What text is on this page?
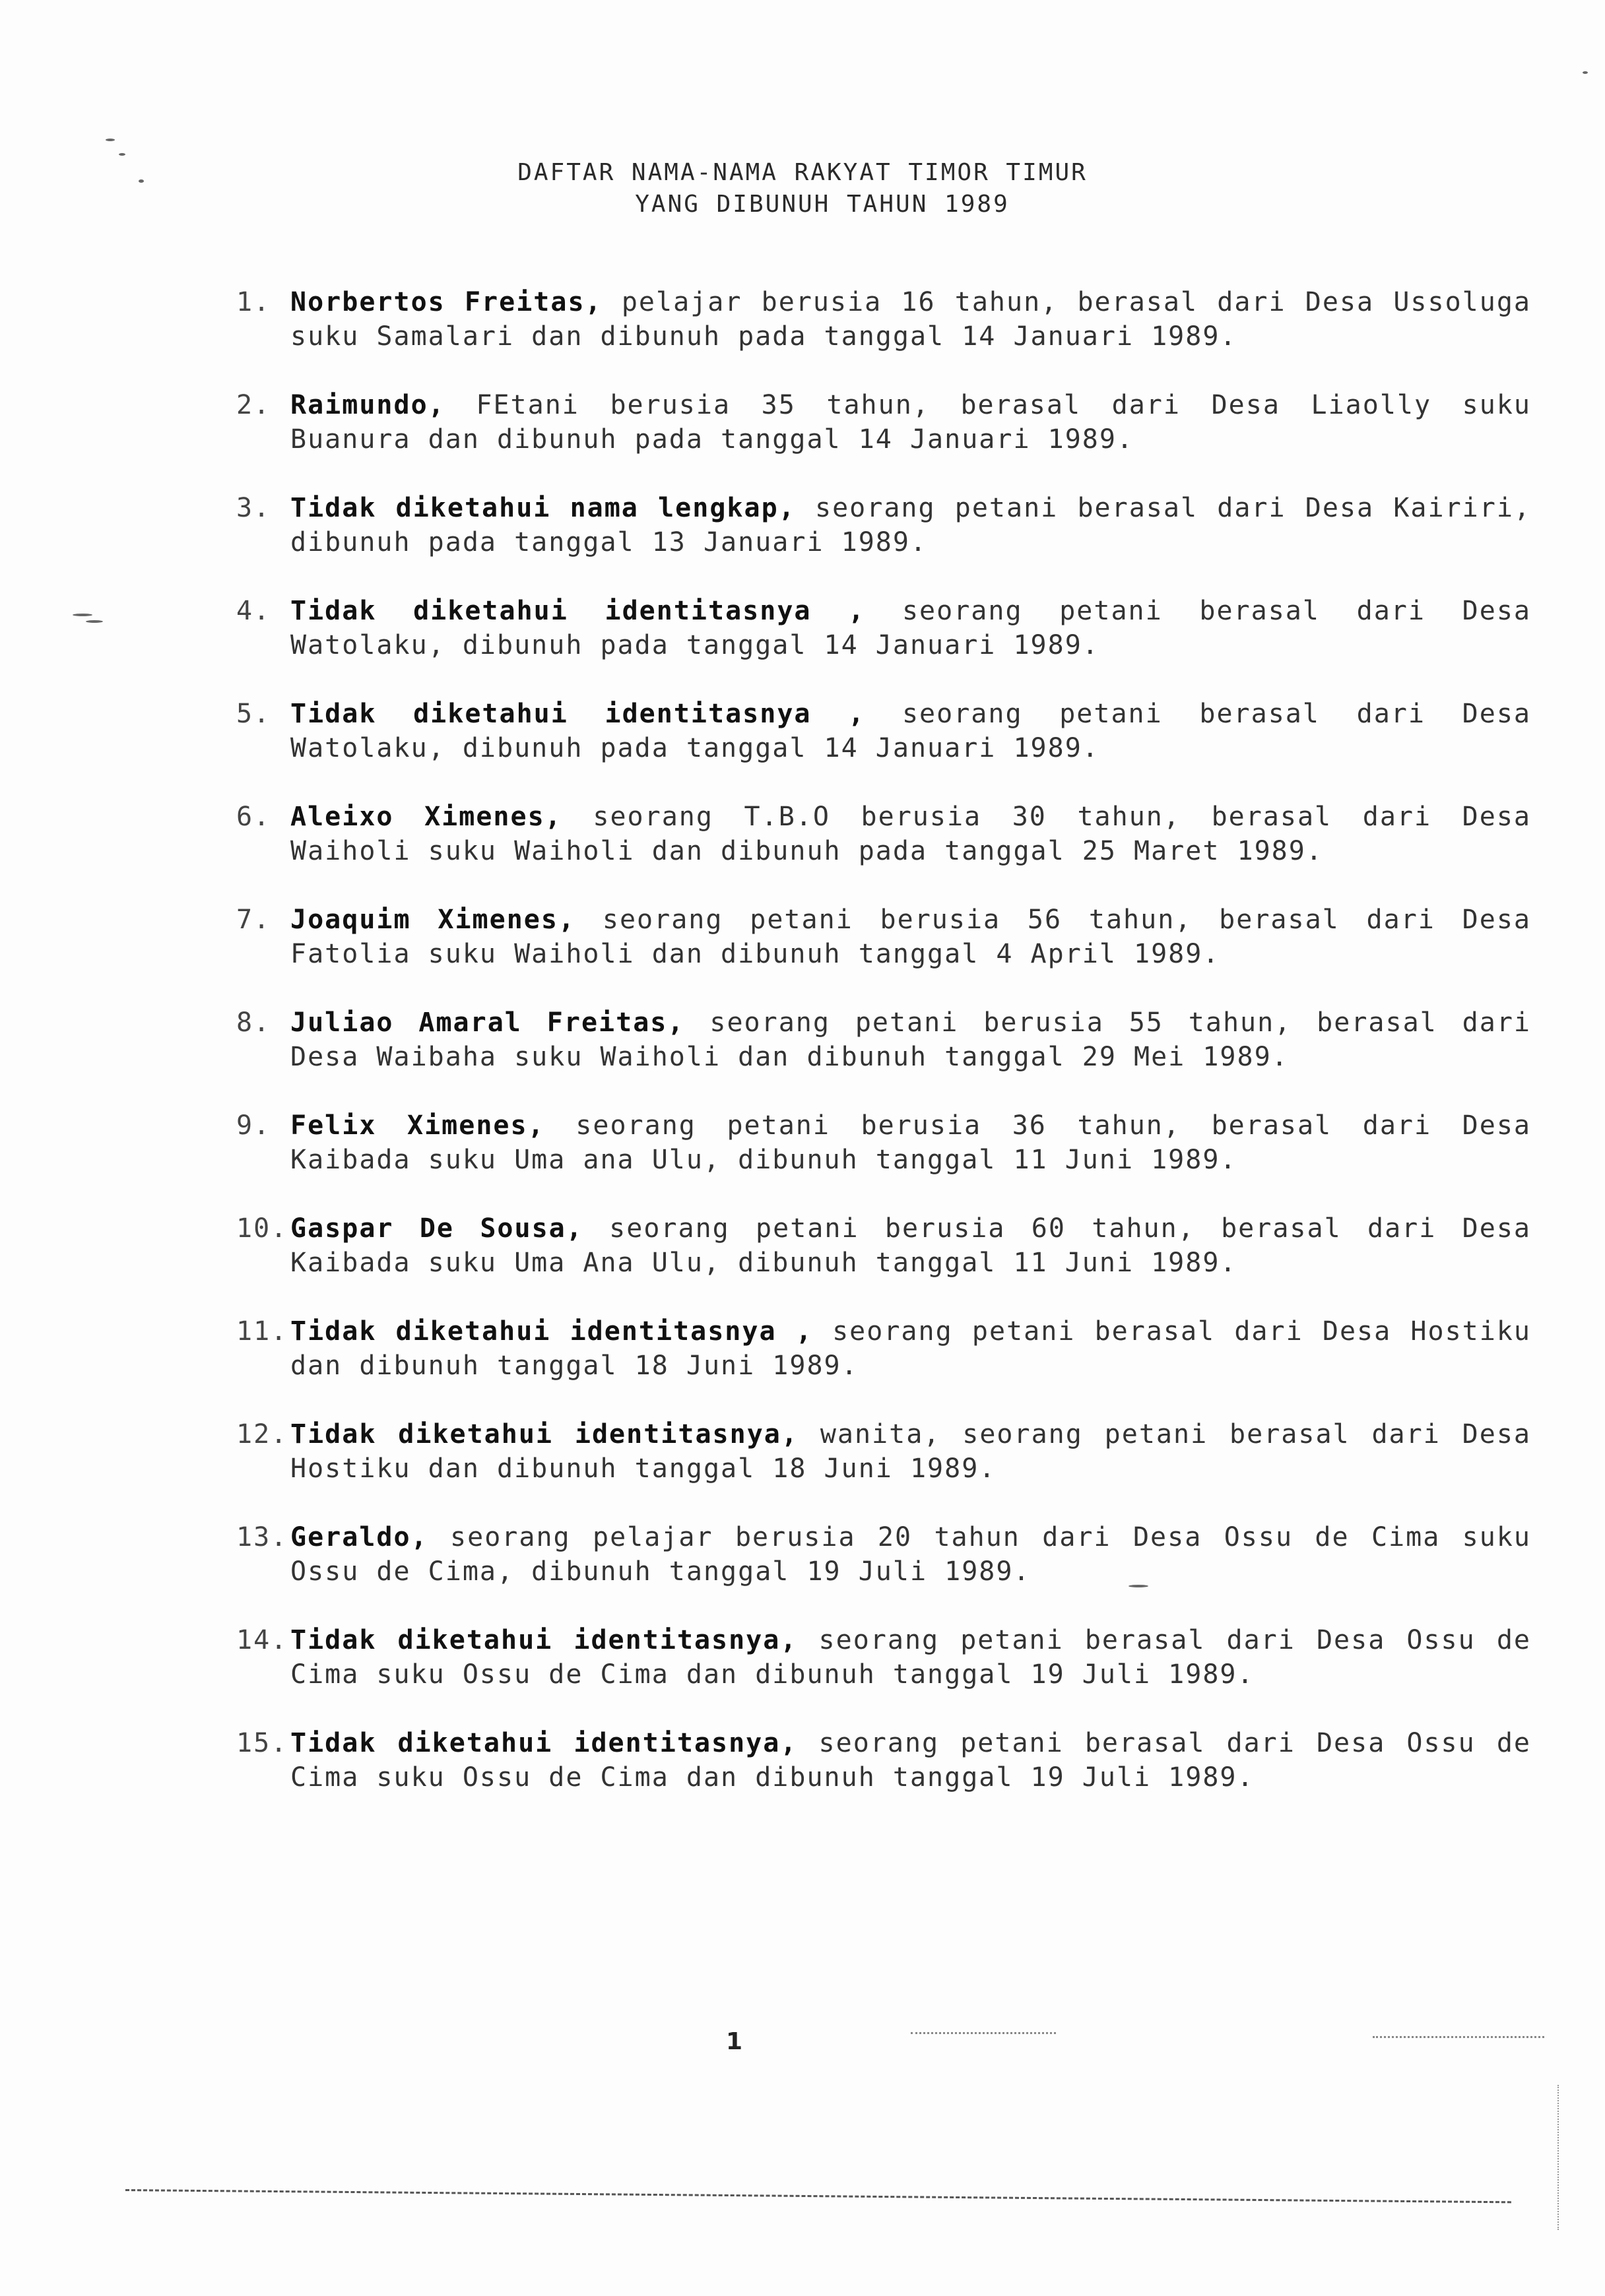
DAFTAR NAMA-NAMA RAKYAT TIMOR TIMUR
YANG DIBUNUH TAHUN 1989
1. Norbertos Freitas, pelajar berusia 16 tahun, berasal dari Desa Ussoluga suku Samalari dan dibunuh pada tanggal 14 Januari 1989.
2. Raimundo, FEtani berusia 35 tahun, berasal dari Desa Liaolly suku Buanura dan dibunuh pada tanggal 14 Januari 1989.
3. Tidak diketahui nama lengkap, seorang petani berasal dari Desa Kairiri, dibunuh pada tanggal 13 Januari 1989.
4. Tidak diketahui identitasnya , seorang petani berasal dari Desa Watolaku, dibunuh pada tanggal 14 Januari 1989.
5. Tidak diketahui identitasnya , seorang petani berasal dari Desa Watolaku, dibunuh pada tanggal 14 Januari 1989.
6. Aleixo Ximenes, seorang T.B.O berusia 30 tahun, berasal dari Desa Waiholi suku Waiholi dan dibunuh pada tanggal 25 Maret 1989.
7. Joaquim Ximenes, seorang petani berusia 56 tahun, berasal dari Desa Fatolia suku Waiholi dan dibunuh tanggal 4 April 1989.
8. Juliao Amaral Freitas, seorang petani berusia 55 tahun, berasal dari Desa Waibaha suku Waiholi dan dibunuh tanggal 29 Mei 1989.
9. Felix Ximenes, seorang petani berusia 36 tahun, berasal dari Desa Kaibada suku Uma ana Ulu, dibunuh tanggal 11 Juni 1989.
10. Gaspar De Sousa, seorang petani berusia 60 tahun, berasal dari Desa Kaibada suku Uma Ana Ulu, dibunuh tanggal 11 Juni 1989.
11. Tidak diketahui identitasnya , seorang petani berasal dari Desa Hostiku dan dibunuh tanggal 18 Juni 1989.
12. Tidak diketahui identitasnya, wanita, seorang petani berasal dari Desa Hostiku dan dibunuh tanggal 18 Juni 1989.
13. Geraldo, seorang pelajar berusia 20 tahun dari Desa Ossu de Cima suku Ossu de Cima, dibunuh tanggal 19 Juli 1989.
14. Tidak diketahui identitasnya, seorang petani berasal dari Desa Ossu de Cima suku Ossu de Cima dan dibunuh tanggal 19 Juli 1989.
15. Tidak diketahui identitasnya, seorang petani berasal dari Desa Ossu de Cima suku Ossu de Cima dan dibunuh tanggal 19 Juli 1989.
1
